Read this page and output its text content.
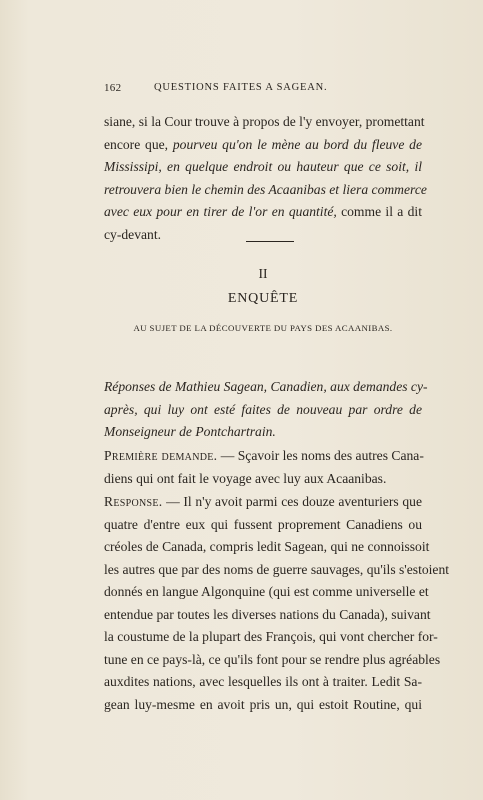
162	QUESTIONS FAITES A SAGEAN.
siane, si la Cour trouve à propos de l'y envoyer, promettant
encore que, pourveu qu'on le mène au bord du fleuve de
Mississipi, en quelque endroit ou hauteur que ce soit, il
retrouvera bien le chemin des Acaanibas et liera commerce
avec eux pour en tirer de l'or en quantité, comme il a dit
cy-devant.
II
ENQUÊTE
AU SUJET DE LA DÉCOUVERTE DU PAYS DES ACAANIBAS.
Réponses de Mathieu Sagean, Canadien, aux demandes cy-
après, qui luy ont esté faites de nouveau par ordre de
Monseigneur de Pontchartrain.
Première demande. — Sçavoir les noms des autres Cana-
diens qui ont fait le voyage avec luy aux Acaanibas.
Response. — Il n'y avoit parmi ces douze aventuriers que
quatre d'entre eux qui fussent proprement Canadiens ou
créoles de Canada, compris ledit Sagean, qui ne connoissoit
les autres que par des noms de guerre sauvages, qu'ils s'estoient
donnés en langue Algonquine (qui est comme universelle et
entendue par toutes les diverses nations du Canada), suivant
la coustume de la plupart des François, qui vont chercher for-
tune en ce pays-là, ce qu'ils font pour se rendre plus agréables
auxdites nations, avec lesquelles ils ont à traiter. Ledit Sa-
gean luy-mesme en avoit pris un, qui estoit Routine, qui
